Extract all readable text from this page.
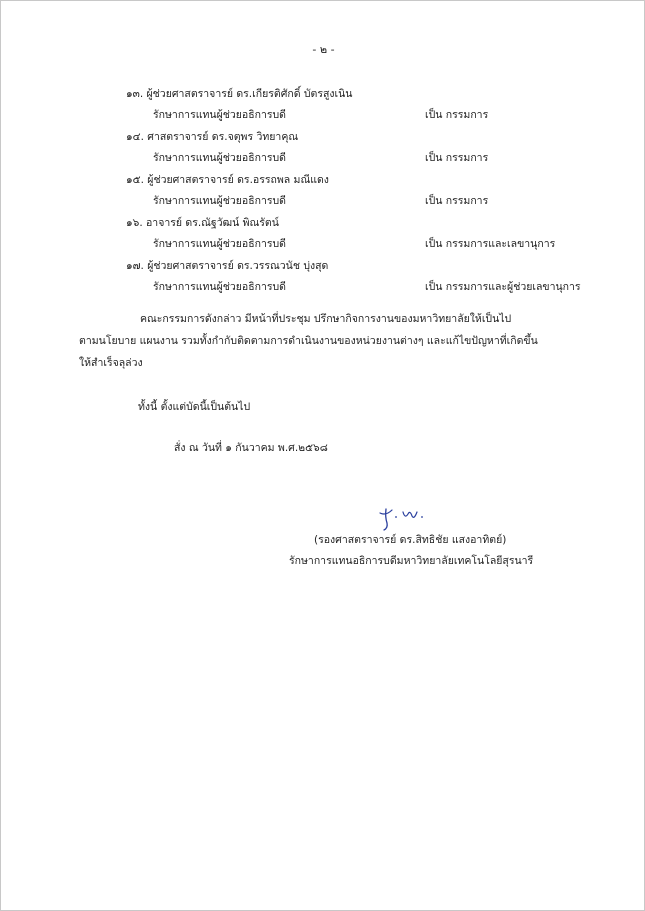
- ๒ -
๑๓. ผู้ช่วยศาสตราจารย์ ดร.เกียรติศักดิ์ บัตรสูงเนิน
รักษาการแทนผู้ช่วยอธิการบดี	เป็น กรรมการ
๑๔. ศาสตราจารย์ ดร.จตุพร วิทยาคุณ
รักษาการแทนผู้ช่วยอธิการบดี	เป็น กรรมการ
๑๕. ผู้ช่วยศาสตราจารย์ ดร.อรรถพล มณีแดง
รักษาการแทนผู้ช่วยอธิการบดี	เป็น กรรมการ
๑๖. อาจารย์ ดร.ณัฐวัฒน์ พิณรัตน์
รักษาการแทนผู้ช่วยอธิการบดี	เป็น กรรมการและเลขานุการ
๑๗. ผู้ช่วยศาสตราจารย์ ดร.วรรณวนัช บุ่งสุด
รักษาการแทนผู้ช่วยอธิการบดี	เป็น กรรมการและผู้ช่วยเลขานุการ
คณะกรรมการดังกล่าว มีหน้าที่ประชุม ปรึกษากิจการงานของมหาวิทยาลัยให้เป็นไป
ตามนโยบาย แผนงาน รวมทั้งกำกับติดตามการดำเนินงานของหน่วยงานต่างๆ และแก้ไขปัญหาที่เกิดขึ้น
ให้สำเร็จลุล่วง
ทั้งนี้ ตั้งแต่บัดนี้เป็นต้นไป
สั่ง ณ วันที่ ๑ กันวาคม พ.ศ.๒๕๖๘
(รองศาสตราจารย์ ดร.สิทธิชัย แสงอาทิตย์)
รักษาการแทนอธิการบดีมหาวิทยาลัยเทคโนโลยีสุรนารี
